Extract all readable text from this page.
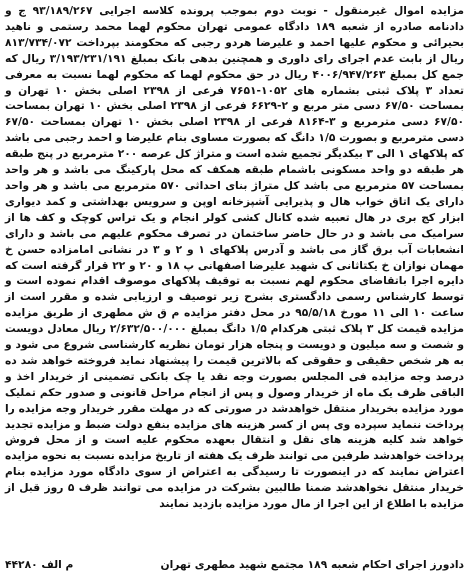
مزایده اموال غیرمنقول - نوبت دوم بموجب پرونده کلاسه اجرایی ۹۳/۱۸۹/۲۶۷ ج و دادنامه صادره از شعبه ۱۸۹ دادگاه عمومی تهران محکوم لهما محمد رستمی و ناهید بحیرائی و محکوم علیها احمد و علیرضا هردو رجبی که محکومند بپرداخت ۸۱۳/۷۳۴/۰۷۲ ریال از بابت عدم اجرای رای داوری و همچنین بدهی بانک بمبلغ ۳/۱۹۳/۲۳۱/۱۹۱ ریال که جمع کل بمبلغ ۴۰۰۶/۹۴۷/۲۶۳ ریال در حق محکوم لهما که محکوم لهما نسبت به معرفی تعداد ۳ پلاک ثبتی بشماره های ۱۰۵۲-۷۶۵۱ فرعی از ۲۳۹۸ اصلی بخش ۱۰ تهران و بمساحت ۶۷/۵۰ دسی متر مربع و ۲-۶۶۲۹ فرعی از ۲۳۹۸ اصلی بخش ۱۰ تهران بمساحت ۶۷/۵۰ دسی مترمربع و ۳-۸۱۶۴ فرعی از ۲۳۹۸ اصلی بخش ۱۰ تهران بمساحت ۶۷/۵۰ دسی مترمربع و بصورت ۱/۵ دانگ که بصورت مساوی بنام علیرضا و احمد رجبی می باشد که پلاکهای ۱ الی ۳ بیکدیگر تجمیع شده است و متراژ کل عرصه ۲۰۰ مترمربع در پنج طبقه هر طبقه دو واحد مسکونی باشمام طبقه همکف که محل پارکینگ می باشد و هر واحد بمساحت ۵۷ مترمربع می باشد کل متراژ بنای احداثی ۵۷۰ مترمربع می باشد و هر واحد دارای یک اتاق خواب هال و پذیرایی آشپزخانه اوپن و سرویس بهداشتی و کمد دیواری ابزار کج بری در هال تعبیه شده کانال کشی کولر انجام و یک تراس کوچک و کف ها از سرامیک می باشد و در حال حاضر ساختمان در تصرف محکوم علیهم می باشد و دارای انشعابات آب برق گاز می باشد و آدرس پلاکهای ۱ و ۲ و ۳ در نشانی امامزاده حسن خ مهمان نوازان خ یکتاثانی ک شهید علیرضا اصفهانی پ ۱۸ و ۲۰ و ۲۲ قرار گرفته است که دایره اجرا باتقاضای محکوم لهم نسبت به توقیف پلاکهای موصوف اقدام نموده است و توسط کارشناس رسمی دادگستری بشرح زیر توصیف و ارزیابی شده و مقرر است از ساعت ۱۰ الی ۱۱ مورخ ۹۵/۵/۱۸ در محل دفتر مزایده م ق ش مطهری از طریق مزایده مزایده قیمت کل ۳ پلاک ثبتی هرکدام ۱/۵ دانگ بمبلغ ۲/۶۳۲/۵۰۰/۰۰۰ ریال معادل دویست و شصت و سه میلیون و دویست و پنجاه هزار تومان نظریه کارشناسی شروع می شود و به هر شخص حقیقی و حقوقی که بالاترین قیمت را پیشنهاد نماید فروخته خواهد شد ده درصد وجه مزایده فی المجلس بصورت وجه نقد یا چک بانکی تضمینی از خریدار اخذ و الباقی ظرف یک ماه از خریدار وصول و پس از انجام مراحل قانونی و صدور حکم تملیک مورد مزایده بخریدار منتقل خواهدشد در صورتی که در مهلت مقرر خریدار وجه مزایده را پرداخت ننماید سپرده وی پس از کسر هزینه های مزایده بنفع دولت ضبط و مزایده تجدید خواهد شد کلیه هزینه های نقل و انتقال بعهده محکوم علیه است و از محل فروش پرداخت خواهدشد طرفین می توانند ظرف یک هفته از تاریخ مزایده نسبت به نحوه مزایده اعتراض نمایند که در اینصورت تا رسیدگی به اعتراض از سوی دادگاه مورد مزایده بنام خریدار منتقل نخواهدشد ضمنا طالبین بشرکت در مزایده می توانند ظرف ۵ روز قبل از مزایده با اطلاع از این اجرا از مال مورد مزایده بازدید نمایند

دادورز اجرای احکام شعبه ۱۸۹ مجتمع شهید مطهری تهران
م الف ۴۴۲۸۰
